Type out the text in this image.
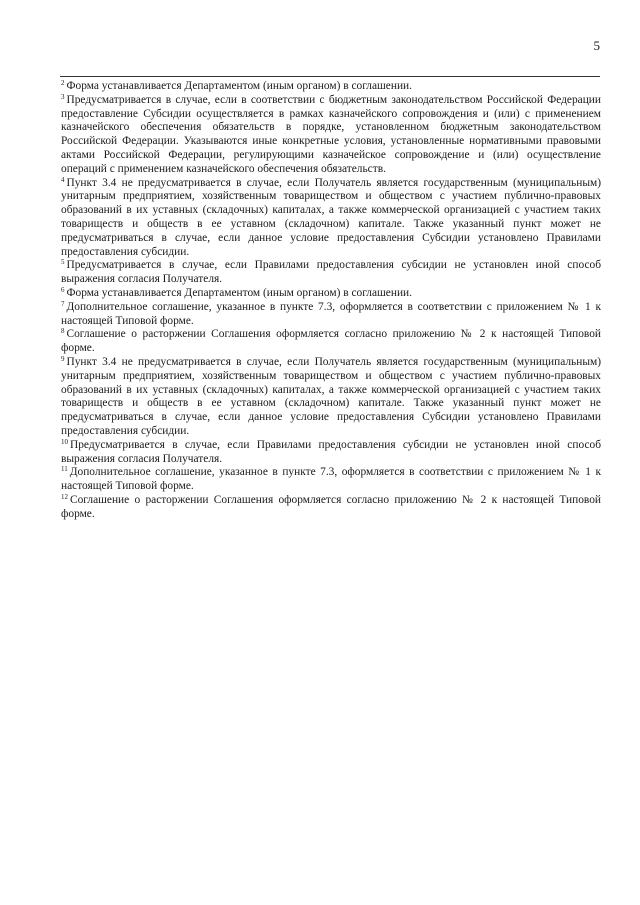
5

$^2$ Форма устанавливается Департаментом (иным органом) в соглашении.

$^3$ Предусматривается в случае, если в соответствии с бюджетным законодательством Российской Федерации предоставление Субсидии осуществляется в рамках казначейского сопровождения и (или) с применением казначейского обеспечения обязательств в порядке, установленном бюджетным законодательством Российской Федерации. Указываются иные конкретные условия, установленные нормативными правовыми актами Российской Федерации, регулирующими казначейское сопровождение и (или) осуществление операций с применением казначейского обеспечения обязательств.

$^4$ Пункт 3.4 не предусматривается в случае, если Получатель является государственным (муниципальным) унитарным предприятием, хозяйственным товариществом и обществом с участием публично-правовых образований в их уставных (складочных) капиталах, а также коммерческой организацией с участием таких товариществ и обществ в ее уставном (складочном) капитале. Также указанный пункт может не предусматриваться в случае, если данное условие предоставления Субсидии установлено Правилами предоставления субсидии.

$^5$ Предусматривается в случае, если Правилами предоставления субсидии не установлен иной способ выражения согласия Получателя.

$^6$ Форма устанавливается Департаментом (иным органом) в соглашении.

$^7$ Дополнительное соглашение, указанное в пункте 7.3, оформляется в соответствии с приложением № 1 к настоящей Типовой форме.

$^8$ Соглашение о расторжении Соглашения оформляется согласно приложению № 2 к настоящей Типовой форме.

$^9$ Пункт 3.4 не предусматривается в случае, если Получатель является государственным (муниципальным) унитарным предприятием, хозяйственным товариществом и обществом с участием публично-правовых образований в их уставных (складочных) капиталах, а также коммерческой организацией с участием таких товариществ и обществ в ее уставном (складочном) капитале. Также указанный пункт может не предусматриваться в случае, если данное условие предоставления Субсидии установлено Правилами предоставления субсидии.

$^{10}$ Предусматривается в случае, если Правилами предоставления субсидии не установлен иной способ выражения согласия Получателя.

$^{11}$ Дополнительное соглашение, указанное в пункте 7.3, оформляется в соответствии с приложением № 1 к настоящей Типовой форме.

$^{12}$ Соглашение о расторжении Соглашения оформляется согласно приложению № 2 к настоящей Типовой форме.
